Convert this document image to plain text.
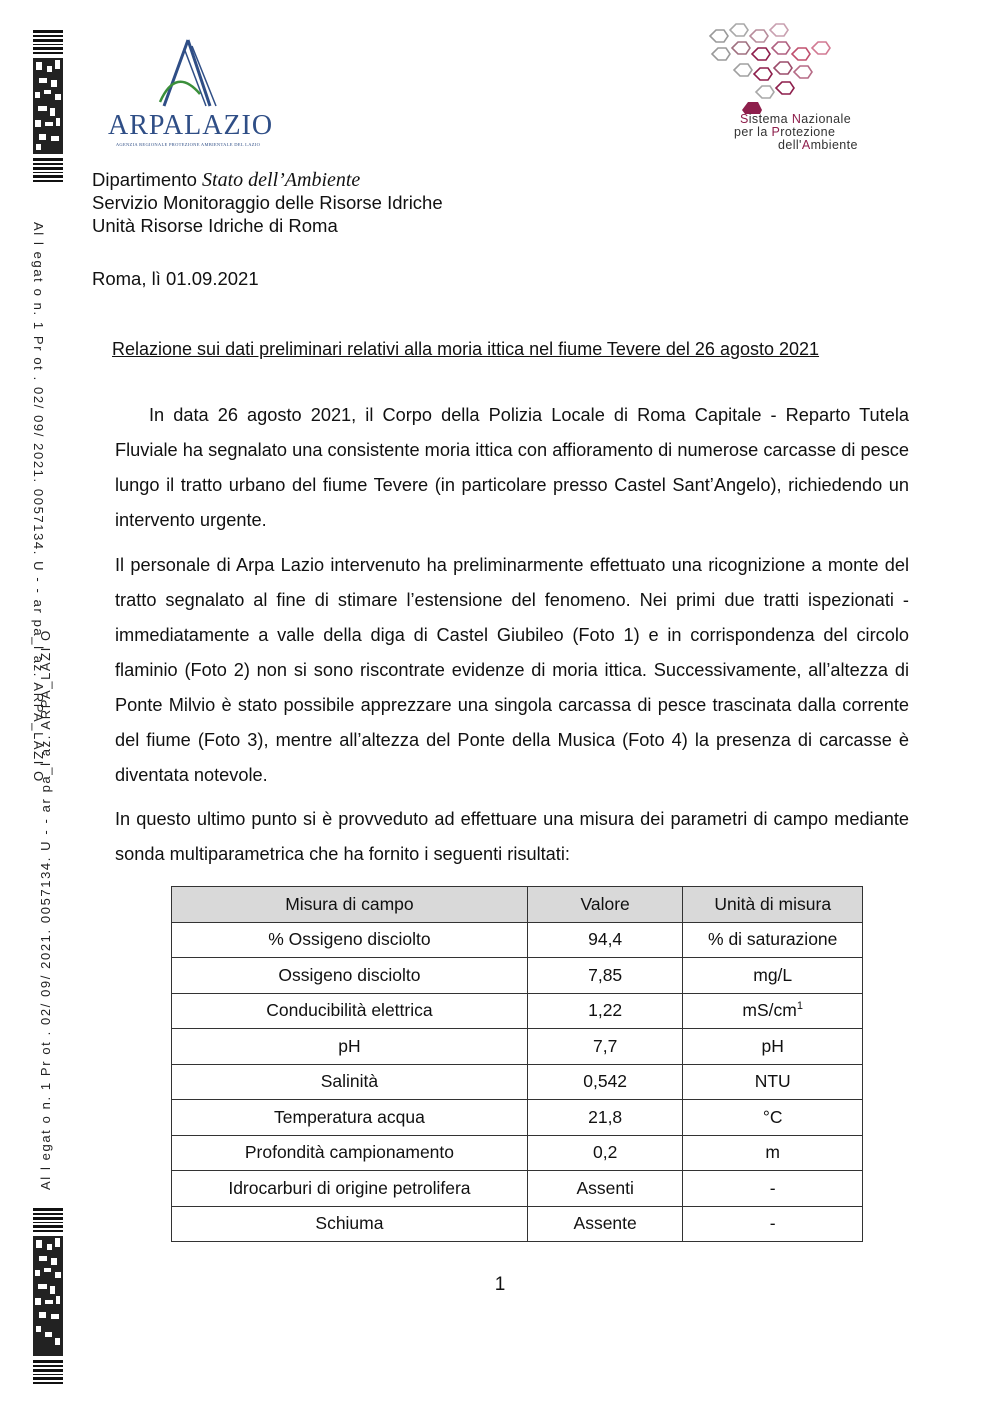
Al l egat o n. 1 Pr ot . 02/ 09/ 2021. 0057134. U - - ar pa_l az. ARPA_LAZI O
Al l egat o n. 1 Pr ot . 02/ 09/ 2021. 0057134. U - - ar pa_l az. ARPA_LAZI O
ARPALAZIO
AGENZIA REGIONALE PROTEZIONE AMBIENTALE DEL LAZIO
Sistema Nazionale
per la Protezione
dell'Ambiente
Dipartimento Stato dell’Ambiente
Servizio Monitoraggio delle Risorse Idriche
Unità Risorse Idriche di Roma
Roma, lì 01.09.2021
Relazione sui dati preliminari relativi alla moria ittica nel fiume Tevere del 26 agosto 2021
In data 26 agosto 2021, il Corpo della Polizia Locale di Roma Capitale - Reparto Tutela Fluviale ha segnalato una consistente moria ittica con affioramento di numerose carcasse di pesce lungo il tratto urbano del fiume Tevere (in particolare presso Castel Sant’Angelo), richiedendo un intervento urgente.
Il personale di Arpa Lazio intervenuto ha preliminarmente effettuato una ricognizione a monte del tratto segnalato al fine di stimare l’estensione del fenomeno. Nei primi due tratti ispezionati - immediatamente a valle della diga di Castel Giubileo (Foto 1) e in corrispondenza del circolo flaminio (Foto 2) non si sono riscontrate evidenze di moria ittica. Successivamente, all’altezza di Ponte Milvio è stato possibile apprezzare una singola carcassa di pesce trascinata dalla corrente del fiume (Foto 3), mentre all’altezza del Ponte della Musica (Foto 4) la presenza di carcasse è diventata notevole.
In questo ultimo punto si è provveduto ad effettuare una misura dei parametri di campo mediante sonda multiparametrica che ha fornito i seguenti risultati:
Misura di campo	Valore	Unità di misura
% Ossigeno disciolto	94,4	% di saturazione
Ossigeno disciolto	7,85	mg/L
Conducibilità elettrica	1,22	$mS/cm^1$
pH	7,7	pH
Salinità	0,542	NTU
Temperatura acqua	21,8	°C
Profondità campionamento	0,2	m
Idrocarburi di origine petrolifera	Assenti	-
Schiuma	Assente	-
1
